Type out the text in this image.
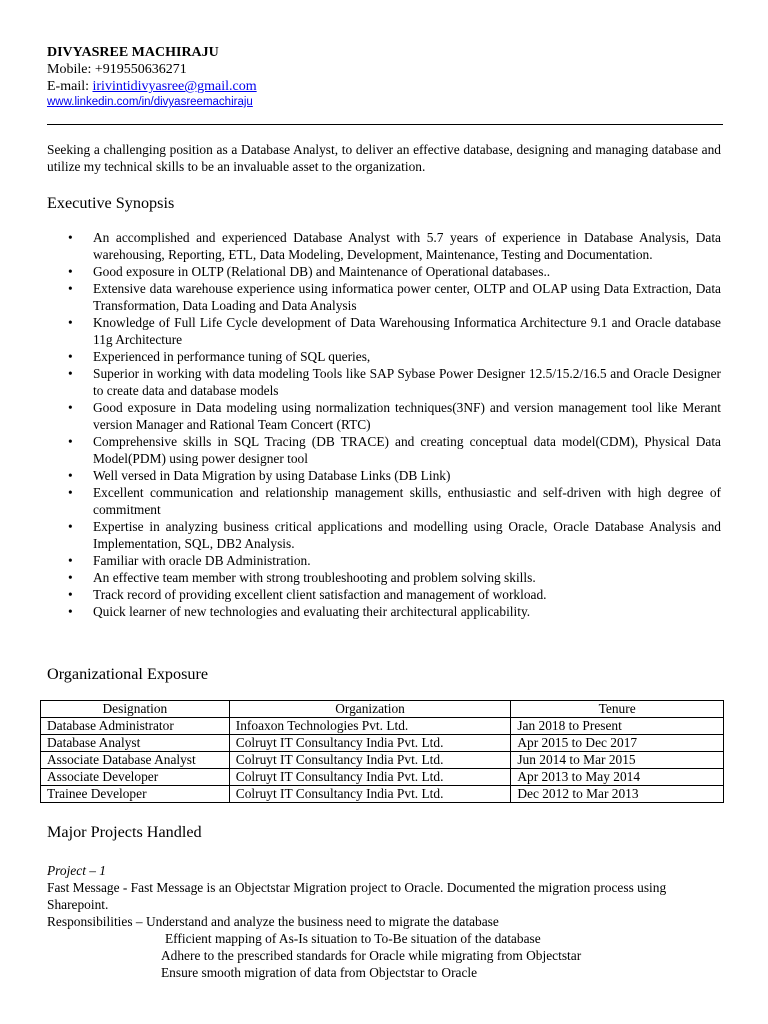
DIVYASREE MACHIRAJU
Mobile: +919550636271
E-mail: irivintidivyasree@gmail.com
www.linkedin.com/in/divyasreemachiraju
Seeking a challenging position as a Database Analyst, to deliver an effective database, designing and managing database and utilize my technical skills to be an invaluable asset to the organization.
Executive Synopsis
• An accomplished and experienced Database Analyst with 5.7 years of experience in Database Analysis, Data warehousing, Reporting, ETL, Data Modeling, Development, Maintenance, Testing and Documentation.
• Good exposure in OLTP (Relational DB) and Maintenance of Operational databases..
• Extensive data warehouse experience using informatica power center, OLTP and OLAP using Data Extraction, Data Transformation, Data Loading and Data Analysis
• Knowledge of Full Life Cycle development of Data Warehousing Informatica Architecture 9.1 and Oracle database 11g Architecture
• Experienced in performance tuning of SQL queries,
• Superior in working with data modeling Tools like SAP Sybase Power Designer 12.5/15.2/16.5 and Oracle Designer to create data and database models
• Good exposure in Data modeling using normalization techniques(3NF) and version management tool like Merant version Manager and Rational Team Concert (RTC)
• Comprehensive skills in SQL Tracing (DB TRACE) and creating conceptual data model(CDM), Physical Data Model(PDM) using power designer tool
• Well versed in Data Migration by using Database Links (DB Link)
• Excellent communication and relationship management skills, enthusiastic and self-driven with high degree of commitment
• Expertise in analyzing business critical applications and modelling using Oracle, Oracle Database Analysis and Implementation, SQL, DB2 Analysis.
• Familiar with oracle DB Administration.
• An effective team member with strong troubleshooting and problem solving skills.
• Track record of providing excellent client satisfaction and management of workload.
• Quick learner of new technologies and evaluating their architectural applicability.
Organizational Exposure
Designation	Organization	Tenure
Database Administrator	Infoaxon Technologies Pvt. Ltd.	Jan 2018 to Present
Database Analyst	Colruyt IT Consultancy India Pvt. Ltd.	Apr 2015 to Dec 2017
Associate Database Analyst	Colruyt IT Consultancy India Pvt. Ltd.	Jun 2014 to Mar 2015
Associate Developer	Colruyt IT Consultancy India Pvt. Ltd.	Apr 2013 to May 2014
Trainee Developer	Colruyt IT Consultancy India Pvt. Ltd.	Dec 2012 to Mar 2013
Major Projects Handled
Project – 1
Fast Message - Fast Message is an Objectstar Migration project to Oracle. Documented the migration process using Sharepoint.
Responsibilities – Understand and analyze the business need to migrate the database
Efficient mapping of As-Is situation to To-Be situation of the database
Adhere to the prescribed standards for Oracle while migrating from Objectstar
Ensure smooth migration of data from Objectstar to Oracle
